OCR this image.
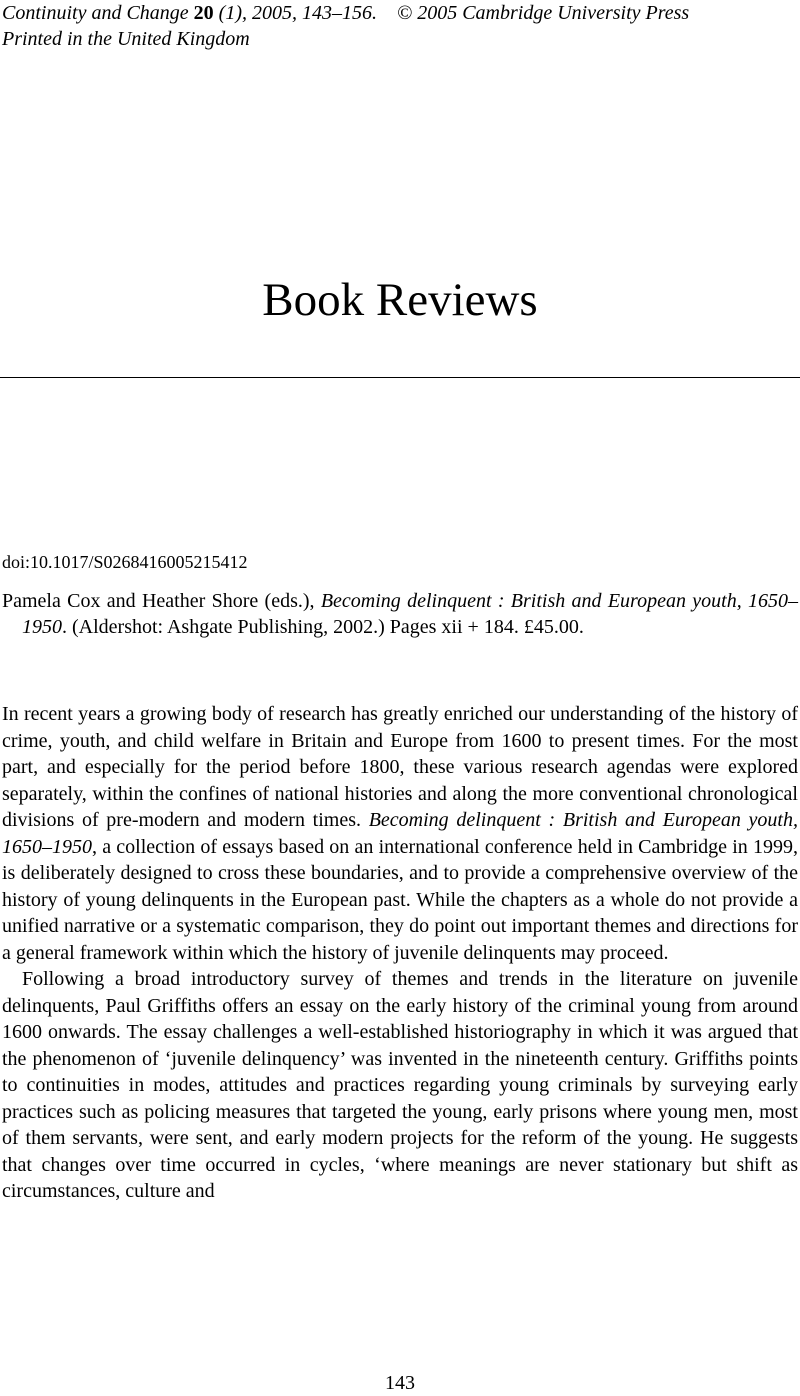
Continuity and Change 20 (1), 2005, 143–156. © 2005 Cambridge University Press
Printed in the United Kingdom
Book Reviews
doi:10.1017/S0268416005215412
Pamela Cox and Heather Shore (eds.), Becoming delinquent : British and European youth, 1650–1950. (Aldershot: Ashgate Publishing, 2002.) Pages xii + 184. £45.00.

In recent years a growing body of research has greatly enriched our understanding of the history of crime, youth, and child welfare in Britain and Europe from 1600 to present times. For the most part, and especially for the period before 1800, these various research agendas were explored separately, within the confines of national histories and along the more conventional chronological divisions of pre-modern and modern times. Becoming delinquent : British and European youth, 1650–1950, a collection of essays based on an international conference held in Cambridge in 1999, is deliberately designed to cross these boundaries, and to provide a comprehensive overview of the history of young delinquents in the European past. While the chapters as a whole do not provide a unified narrative or a systematic comparison, they do point out important themes and directions for a general framework within which the history of juvenile delinquents may proceed.

Following a broad introductory survey of themes and trends in the literature on juvenile delinquents, Paul Griffiths offers an essay on the early history of the criminal young from around 1600 onwards. The essay challenges a well-established historiography in which it was argued that the phenomenon of ‘juvenile delinquency’ was invented in the nineteenth century. Griffiths points to continuities in modes, attitudes and practices regarding young criminals by surveying early practices such as policing measures that targeted the young, early prisons where young men, most of them servants, were sent, and early modern projects for the reform of the young. He suggests that changes over time occurred in cycles, ‘where meanings are never stationary but shift as circumstances, culture and

143
